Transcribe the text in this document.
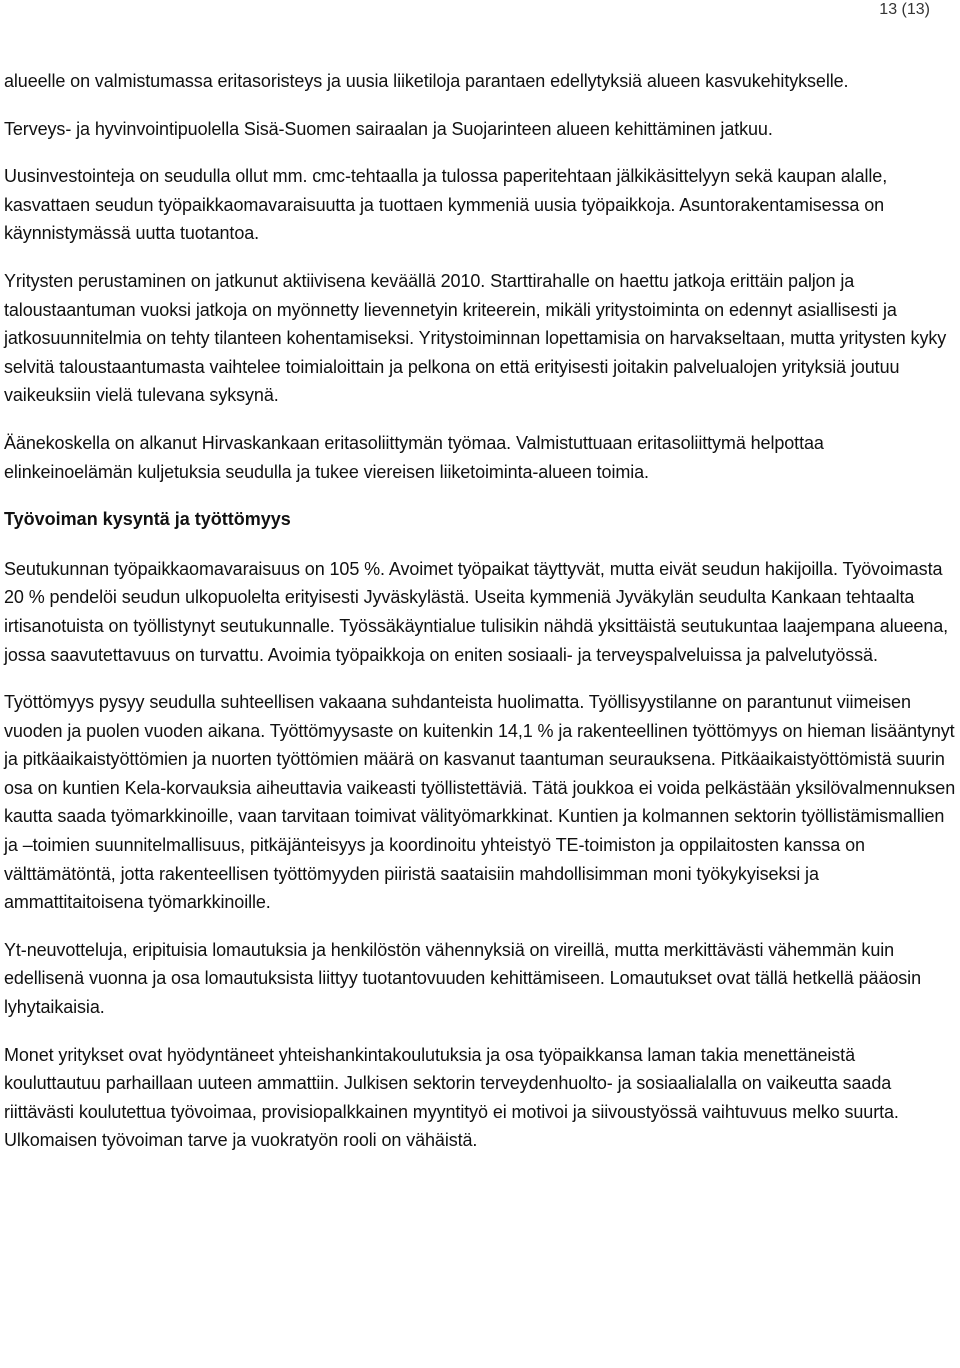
13 (13)

alueelle on valmistumassa eritasoristeys ja uusia liiketiloja parantaen edellytyksiä alueen kasvukehitykselle.

Terveys- ja hyvinvointipuolella Sisä-Suomen sairaalan ja Suojarinteen alueen kehittäminen jatkuu.

Uusinvestointeja on seudulla ollut mm. cmc-tehtaalla ja tulossa paperitehtaan jälkikäsittelyyn sekä kaupan alalle, kasvattaen seudun työpaikkaomavaraisuutta ja tuottaen kymmeniä uusia työpaikkoja. Asuntorakentamisessa on käynnistymässä uutta tuotantoa.

Yritysten perustaminen on jatkunut aktiivisena keväällä 2010. Starttirahalle on haettu jatkoja erittäin paljon ja taloustaantuman vuoksi jatkoja on myönnetty lievennetyin kriteerein, mikäli yritystoiminta on edennyt asiallisesti ja jatkosuunnitelmia on tehty tilanteen kohentamiseksi. Yritystoiminnan lopettamisia on harvakseltaan, mutta yritysten kyky selvitä taloustaantumasta vaihtelee toimialoittain ja pelkona on että erityisesti joitakin palvelualojen yrityksiä joutuu vaikeuksiin vielä tulevana syksynä.

Äänekoskella on alkanut Hirvaskankaan eritasoliittymän työmaa. Valmistuttuaan eritasoliittymä helpottaa elinkeinoelämän kuljetuksia seudulla ja tukee viereisen liiketoiminta-alueen toimia.

Työvoiman kysyntä ja työttömyys

Seutukunnan työpaikkaomavaraisuus on 105 %. Avoimet työpaikat täyttyvät, mutta eivät seudun hakijoilla. Työvoimasta 20 % pendelöi seudun ulkopuolelta erityisesti Jyväskylästä. Useita kymmeniä Jyväkylän seudulta Kankaan tehtaalta irtisanotuista on työllistynyt seutukunnalle. Työssäkäyntialue tulisikin nähdä yksittäistä seutukuntaa laajempana alueena, jossa saavutettavuus on turvattu. Avoimia työpaikkoja on eniten sosiaali- ja terveyspalveluissa ja palvelutyössä.

Työttömyys pysyy seudulla suhteellisen vakaana suhdanteista huolimatta. Työllisyystilanne on parantunut viimeisen vuoden ja puolen vuoden aikana. Työttömyysaste on kuitenkin 14,1 % ja rakenteellinen työttömyys on hieman lisääntynyt ja pitkäaikaistyöttömien ja nuorten työttömien määrä on kasvanut taantuman seurauksena. Pitkäaikaistyöttömistä suurin osa on kuntien Kela-korvauksia aiheuttavia vaikeasti työllistettäviä. Tätä joukkoa ei voida pelkästään yksilövalmennuksen kautta saada työmarkkinoille, vaan tarvitaan toimivat välityömarkkinat. Kuntien ja kolmannen sektorin työllistämismallien ja –toimien suunnitelmallisuus, pitkäjänteisyys ja koordinoitu yhteistyö TE-toimiston ja oppilaitosten kanssa on välttämätöntä, jotta rakenteellisen työttömyyden piiristä saataisiin mahdollisimman moni työkykyiseksi ja ammattitaitoisena työmarkkinoille.

Yt-neuvotteluja, eripituisia lomautuksia ja henkilöstön vähennyksiä on vireillä, mutta merkittävästi vähemmän kuin edellisenä vuonna ja osa lomautuksista liittyy tuotantovuuden kehittämiseen. Lomautukset ovat tällä hetkellä pääosin lyhytaikaisia.

Monet yritykset ovat hyödyntäneet yhteishankintakoulutuksia ja osa työpaikkansa laman takia menettäneistä kouluttautuu parhaillaan uuteen ammattiin. Julkisen sektorin terveydenhuolto- ja sosiaalialalla on vaikeutta saada riittävästi koulutettua työvoimaa, provisiopalkkainen myyntityö ei motivoi ja siivoustyössä vaihtuvuus melko suurta. Ulkomaisen työvoiman tarve ja vuokratyön rooli on vähäistä.
